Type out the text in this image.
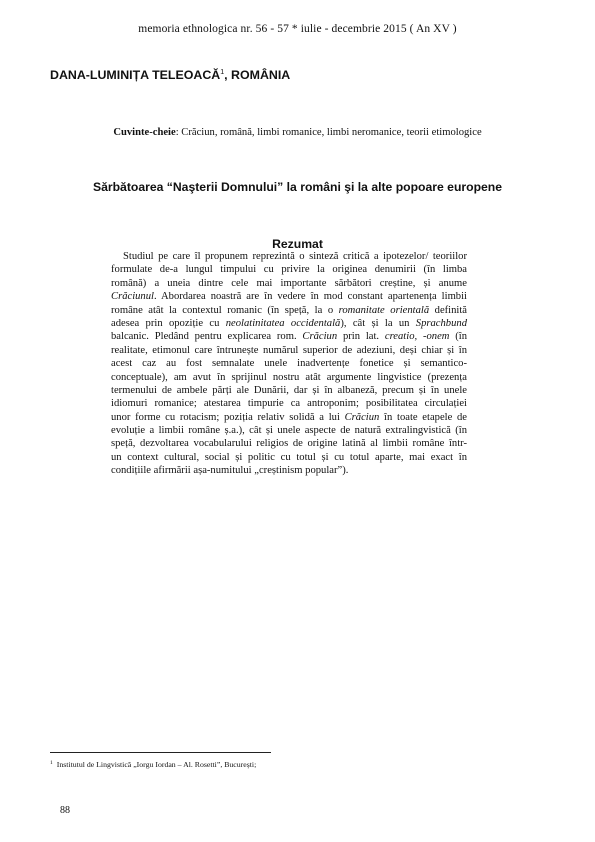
memoria ethnologica nr. 56 - 57 * iulie - decembrie 2015 ( An XV )
DANA-LUMINIȚA TELEOACĂ$^1$, ROMÂNIA
Cuvinte-cheie: Crăciun, română, limbi romanice, limbi neromanice, teorii etimologice
Sărbătoarea “Naşterii Domnului” la români şi la alte popoare europene
Rezumat
Studiul pe care îl propunem reprezintă o sinteză critică a ipotezelor/ teoriilor
formulate de-a lungul timpului cu privire la originea denumirii (în limba
română) a uneia dintre cele mai importante sărbători creștine, și anume
Crăciunul. Abordarea noastră are în vedere în mod constant apartenența limbii
române atât la contextul romanic (în speță, la o romanitate orientală definită
adesea prin opoziție cu neolatinitatea occidentală), cât și la un Sprachbund
balcanic. Pledând pentru explicarea rom. Crăciun prin lat. creatio, -onem (în
realitate, etimonul care întrunește numărul superior de adeziuni, deși chiar și în
acest caz au fost semnalate unele inadvertențe fonetice și semantico-
conceptuale), am avut în sprijinul nostru atât argumente lingvistice (prezența
termenului de ambele părți ale Dunării, dar și în albaneză, precum și în unele
idiomuri romanice; atestarea timpurie ca antroponim; posibilitatea circulației
unor forme cu rotacism; poziția relativ solidă a lui Crăciun în toate etapele de
evoluție a limbii române ș.a.), cât și unele aspecte de natură extralingvistică (în
speță, dezvoltarea vocabularului religios de origine latină al limbii române într-
un context cultural, social și politic cu totul și cu totul aparte, mai exact în
condițiile afirmării așa-numitului „creștinism popular”).
$^1$ Institutul de Lingvistică „Iorgu Iordan – Al. Rosetti”, București;
88
